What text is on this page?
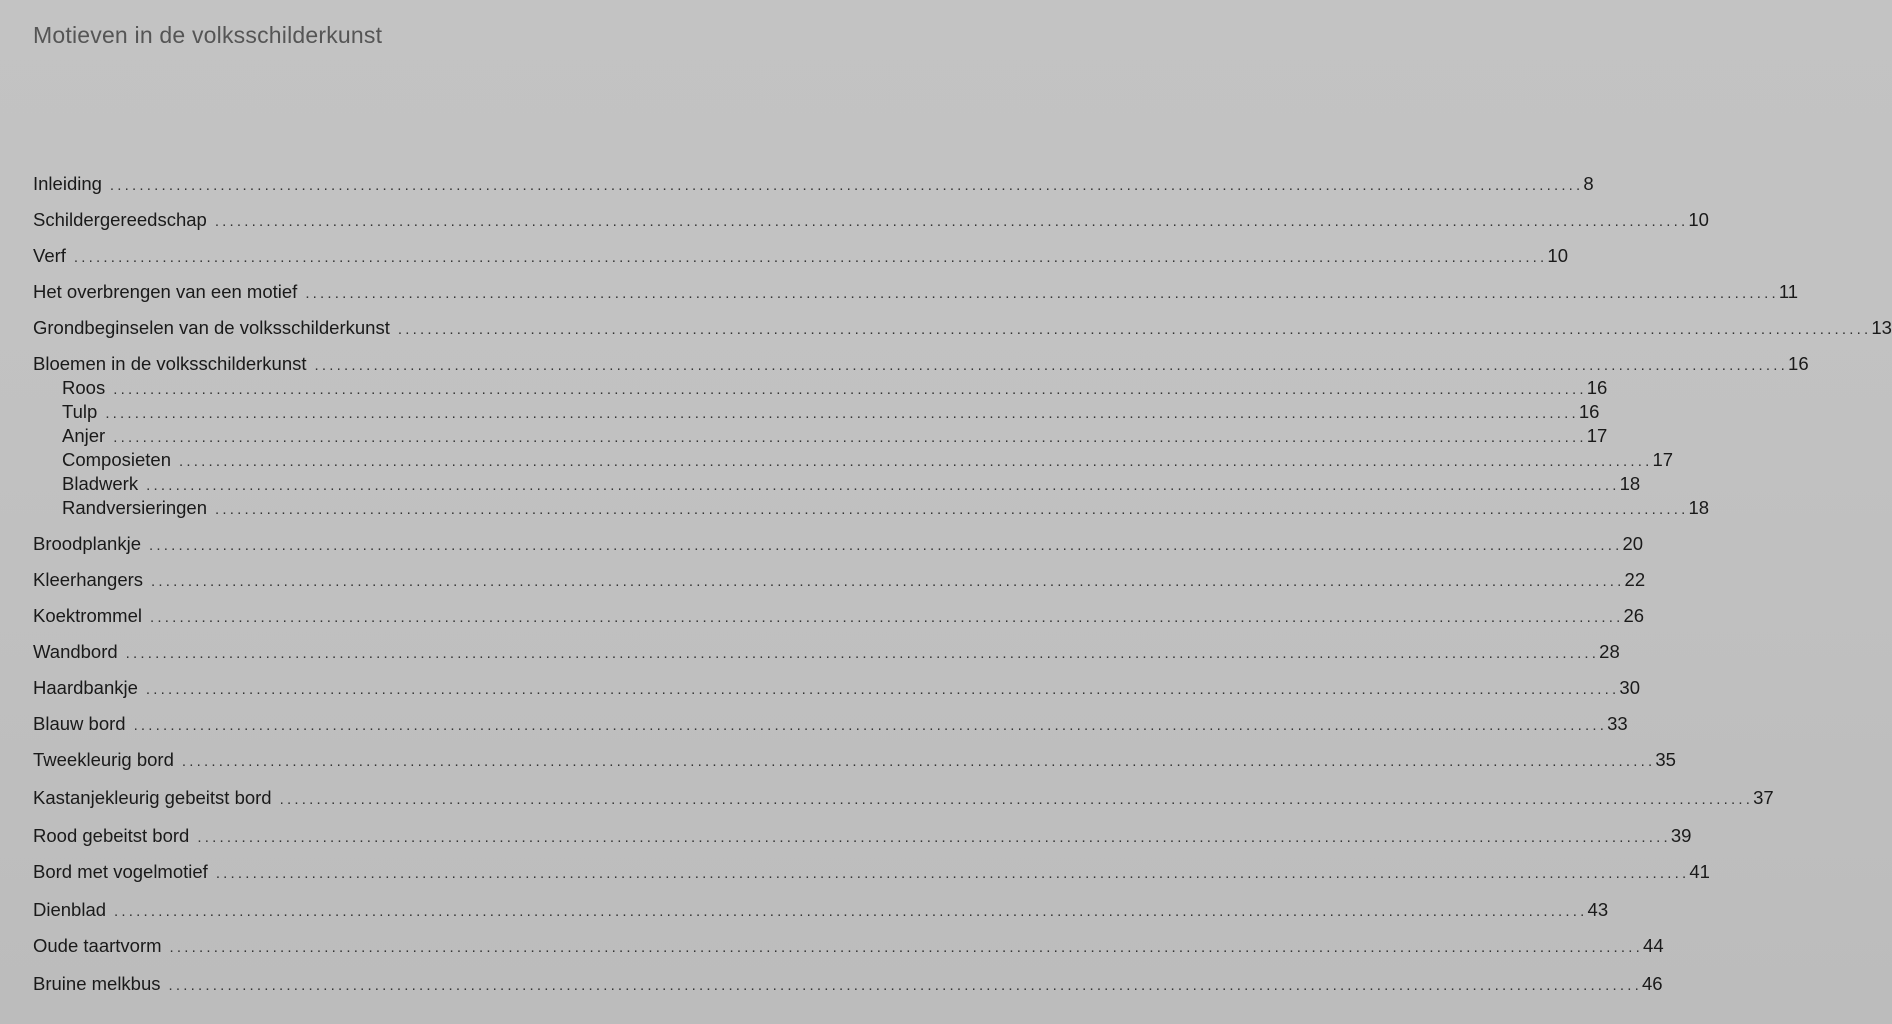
Motieven in de volksschilderkunst
Inleiding ........................................................................................................................................................................................................ 8
Schildergereedschap ........................................................................................................................................................................................................ 10
Verf ........................................................................................................................................................................................................ 10
Het overbrengen van een motief ........................................................................................................................................................................................................ 11
Grondbeginselen van de volksschilderkunst ........................................................................................................................................................................................................ 13
Bloemen in de volksschilderkunst ........................................................................................................................................................................................................ 16
Roos ........................................................................................................................................................................................................ 16
Tulp ........................................................................................................................................................................................................ 16
Anjer ........................................................................................................................................................................................................ 17
Composieten ........................................................................................................................................................................................................ 17
Bladwerk ........................................................................................................................................................................................................ 18
Randversieringen ........................................................................................................................................................................................................ 18
Broodplankje ........................................................................................................................................................................................................ 20
Kleerhangers ........................................................................................................................................................................................................ 22
Koektrommel ........................................................................................................................................................................................................ 26
Wandbord ........................................................................................................................................................................................................ 28
Haardbankje ........................................................................................................................................................................................................ 30
Blauw bord ........................................................................................................................................................................................................ 33
Tweekleurig bord ........................................................................................................................................................................................................ 35
Kastanjekleurig gebeitst bord ........................................................................................................................................................................................................ 37
Rood gebeitst bord ........................................................................................................................................................................................................ 39
Bord met vogelmotief ........................................................................................................................................................................................................ 41
Dienblad ........................................................................................................................................................................................................ 43
Oude taartvorm ........................................................................................................................................................................................................ 44
Bruine melkbus ........................................................................................................................................................................................................ 46
